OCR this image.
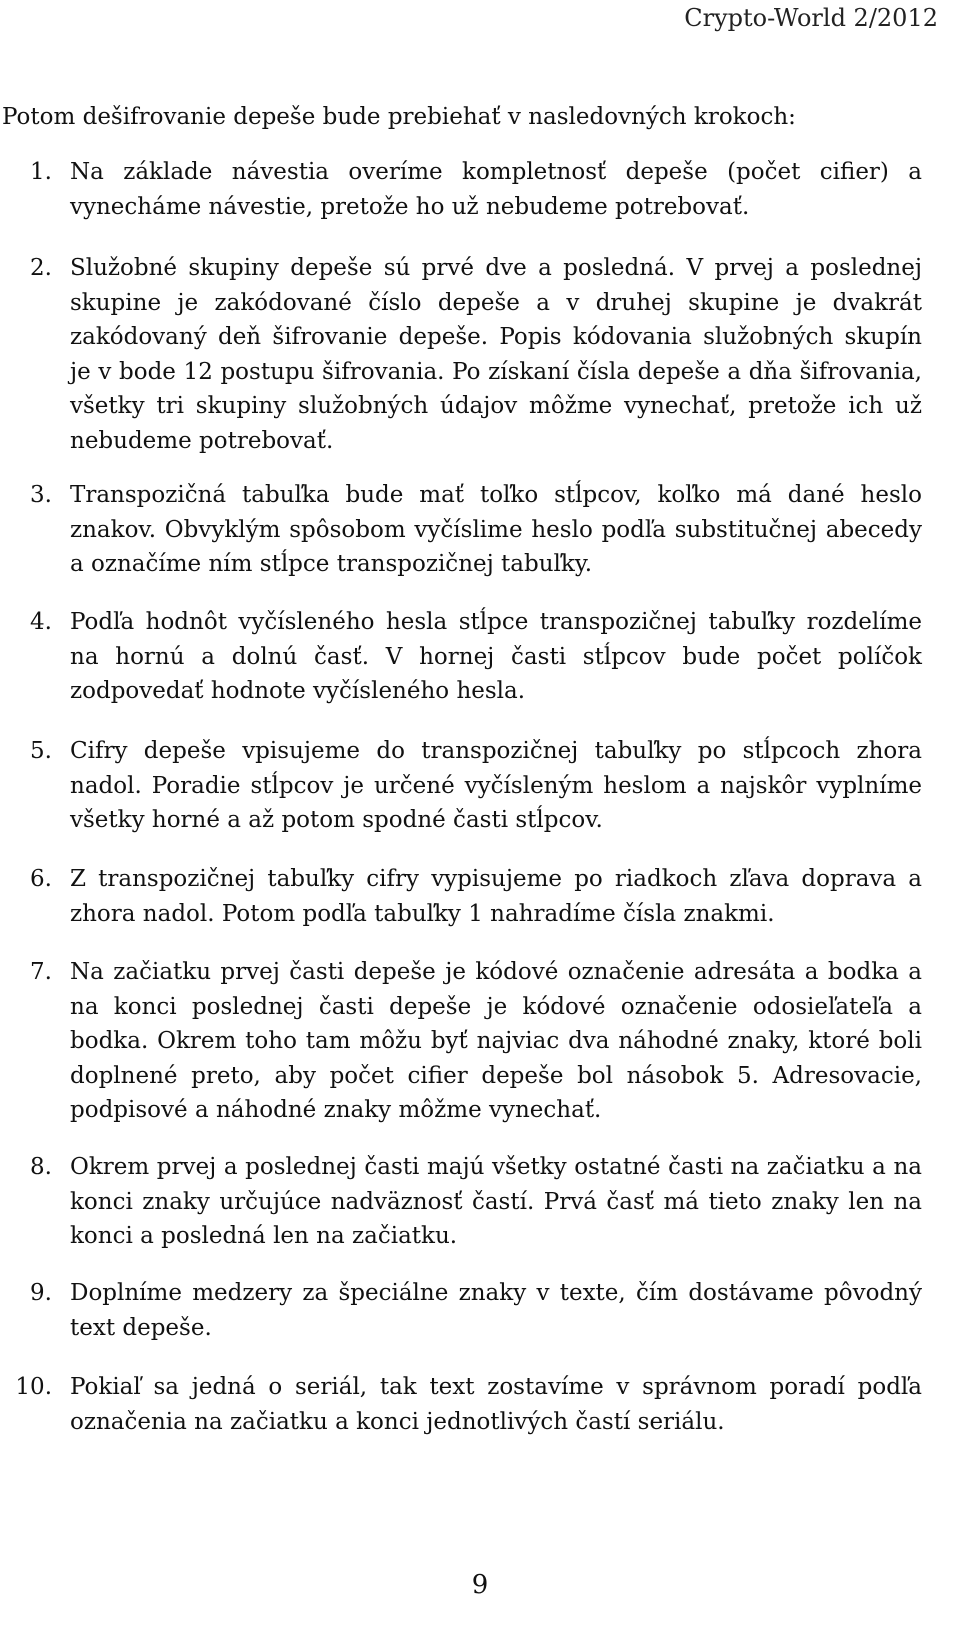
Crypto-World 2/2012

Potom dešifrovanie depeše bude prebiehať v nasledovných krokoch:

1. Na základe návestia overíme kompletnosť depeše (počet cifier) a vynecháme návestie, pretože ho už nebudeme potrebovať.

2. Služobné skupiny depeše sú prvé dve a posledná. V prvej a poslednej skupine je zakódované číslo depeše a v druhej skupine je dvakrát zakódovaný deň šifrovanie depeše. Popis kódovania služobných skupín je v bode 12 postupu šifrovania. Po získaní čísla depeše a dňa šifrovania, všetky tri skupiny služobných údajov môžme vynechať, pretože ich už nebudeme potrebovať.

3. Transpozičná tabuľka bude mať toľko stĺpcov, koľko má dané heslo znakov. Obvyklým spôsobom vyčíslime heslo podľa substitučnej abecedy a označíme ním stĺpce transpozičnej tabuľky.

4. Podľa hodnôt vyčísleného hesla stĺpce transpozičnej tabuľky rozdelíme na hornú a dolnú časť. V hornej časti stĺpcov bude počet políčok zodpovedať hodnote vyčísleného hesla.

5. Cifry depeše vpisujeme do transpozičnej tabuľky po stĺpcoch zhora nadol. Poradie stĺpcov je určené vyčísleným heslom a najskôr vyplníme všetky horné a až potom spodné časti stĺpcov.

6. Z transpozičnej tabuľky cifry vypisujeme po riadkoch zľava doprava a zhora nadol. Potom podľa tabuľky 1 nahradíme čísla znakmi.

7. Na začiatku prvej časti depeše je kódové označenie adresáta a bodka a na konci poslednej časti depeše je kódové označenie odosieľateľa a bodka. Okrem toho tam môžu byť najviac dva náhodné znaky, ktoré boli doplnené preto, aby počet cifier depeše bol násobok 5. Adresovacie, podpisové a náhodné znaky môžme vynechať.

8. Okrem prvej a poslednej časti majú všetky ostatné časti na začiatku a na konci znaky určujúce nadväznosť častí. Prvá časť má tieto znaky len na konci a posledná len na začiatku.

9. Doplníme medzery za špeciálne znaky v texte, čím dostávame pôvodný text depeše.

10. Pokiaľ sa jedná o seriál, tak text zostavíme v správnom poradí podľa označenia na začiatku a konci jednotlivých častí seriálu.

9
